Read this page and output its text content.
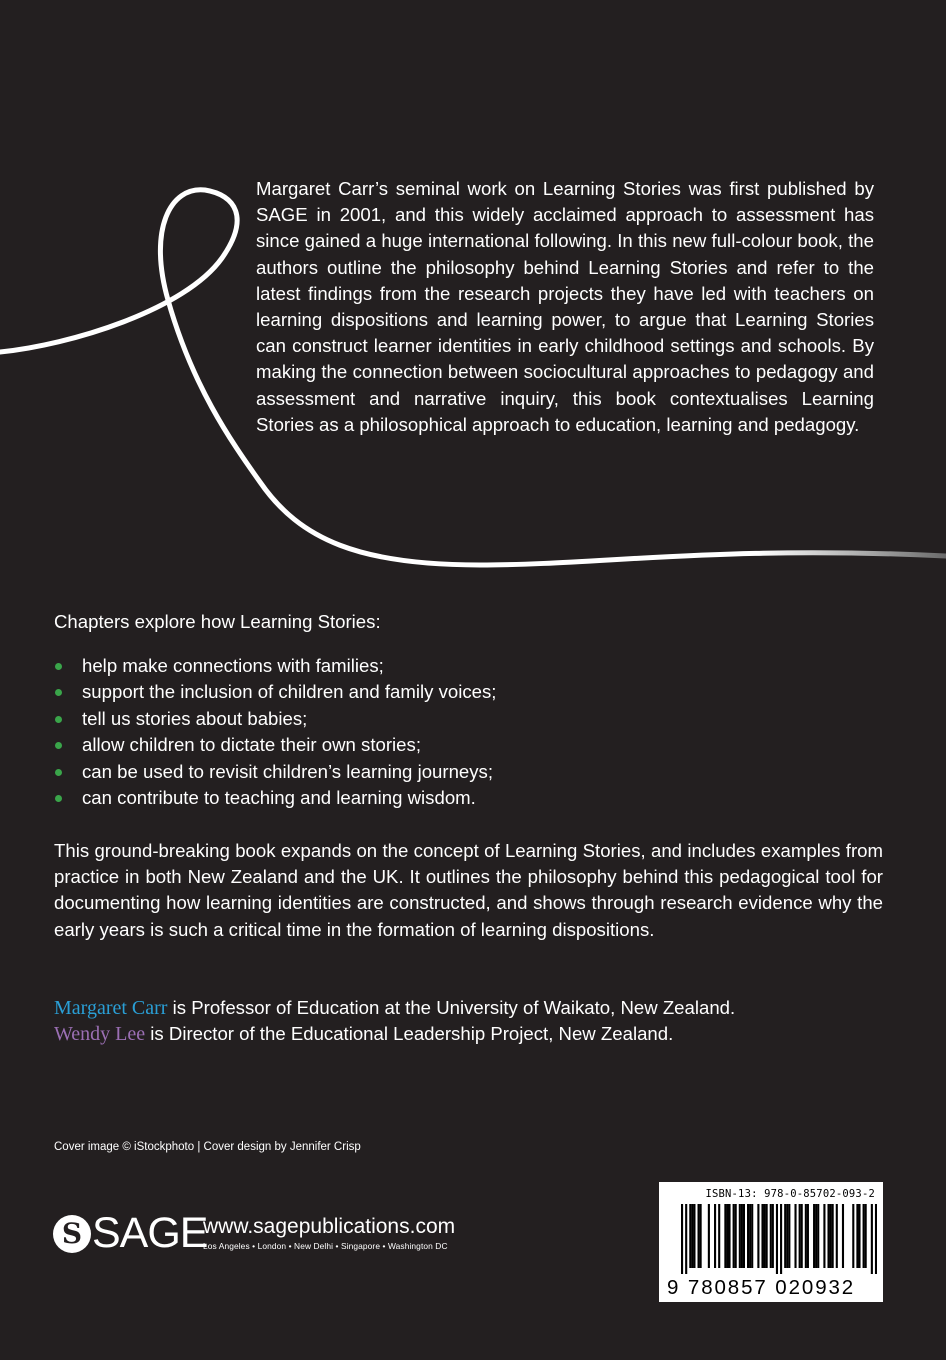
Margaret Carr’s seminal work on Learning Stories was first published by SAGE in 2001, and this widely acclaimed approach to assessment has since gained a huge international following. In this new full-colour book, the authors outline the philosophy behind Learning Stories and refer to the latest findings from the research projects they have led with teachers on learning dispositions and learning power, to argue that Learning Stories can construct learner identities in early childhood settings and schools. By making the connection between sociocultural approaches to pedagogy and assessment and narrative inquiry, this book contextualises Learning Stories as a philosophical approach to education, learning and pedagogy.

Chapters explore how Learning Stories:

help make connections with families;
support the inclusion of children and family voices;
tell us stories about babies;
allow children to dictate their own stories;
can be used to revisit children’s learning journeys;
can contribute to teaching and learning wisdom.

This ground-breaking book expands on the concept of Learning Stories, and includes examples from practice in both New Zealand and the UK. It outlines the philosophy behind this pedagogical tool for documenting how learning identities are constructed, and shows through research evidence why the early years is such a critical time in the formation of learning dispositions.

Margaret Carr is Professor of Education at the University of Waikato, New Zealand.
Wendy Lee is Director of the Educational Leadership Project, New Zealand.

Cover image © iStockphoto | Cover design by Jennifer Crisp

S SAGE

www.sagepublications.com

Los Angeles • London • New Delhi • Singapore • Washington DC

ISBN-13: 978-0-85702-093-2
9 780857 020932
